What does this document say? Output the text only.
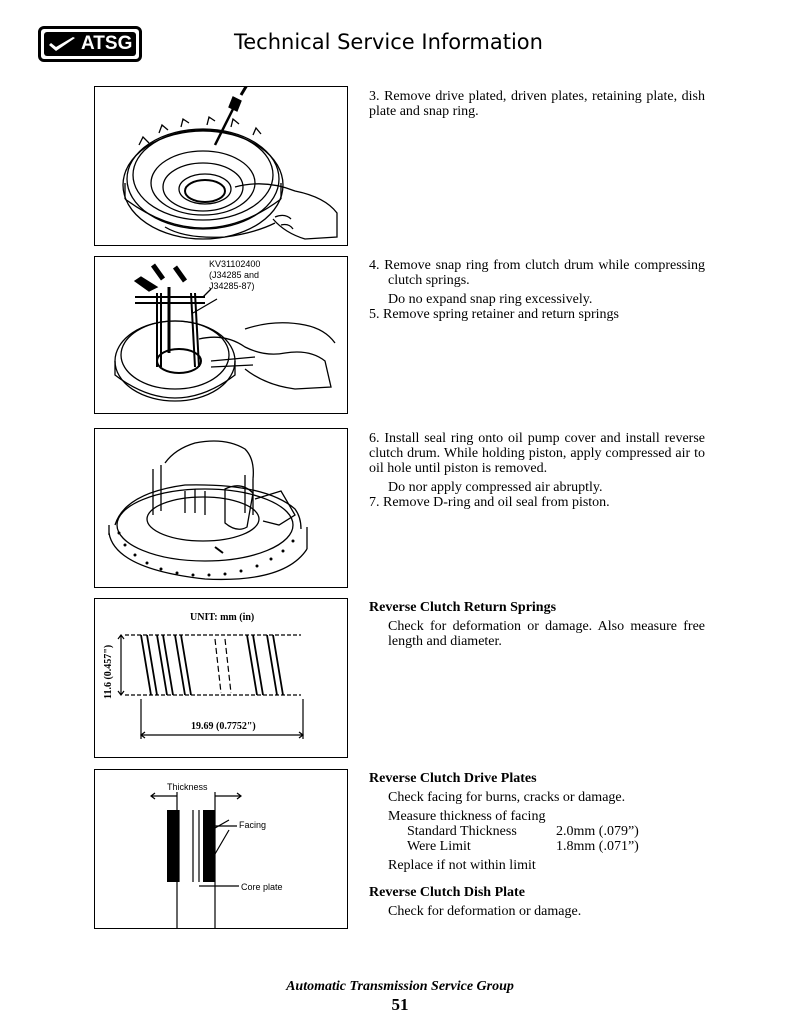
ATSG	Technical Service Information
KV31102400
(J34285 and
J34285-87)
UNIT: mm (in)
11.6 (0.457")
19.69 (0.7752")
Thickness
Facing
Core plate

3. Remove drive plated, driven plates, retaining plate, dish plate and snap ring.

4. Remove snap ring from clutch drum while compressing clutch springs.

Do no expand snap ring excessively.

5. Remove spring retainer and return springs

6. Install seal ring onto oil pump cover and install reverse clutch drum. While holding piston, apply compressed air to oil hole until piston is removed.

Do nor apply compressed air abruptly.

7. Remove D-ring and oil seal from piston.

Reverse Clutch Return Springs

Check for deformation or damage. Also measure free length and diameter.

Reverse Clutch Drive Plates

Check facing for burns, cracks or damage.

Measure thickness of facing

Standard Thickness	2.0mm (.079”)

Were Limit	1.8mm (.071”)

Replace if not within limit

Reverse Clutch Dish Plate

Check for deformation or damage.

Automatic Transmission Service Group
51
